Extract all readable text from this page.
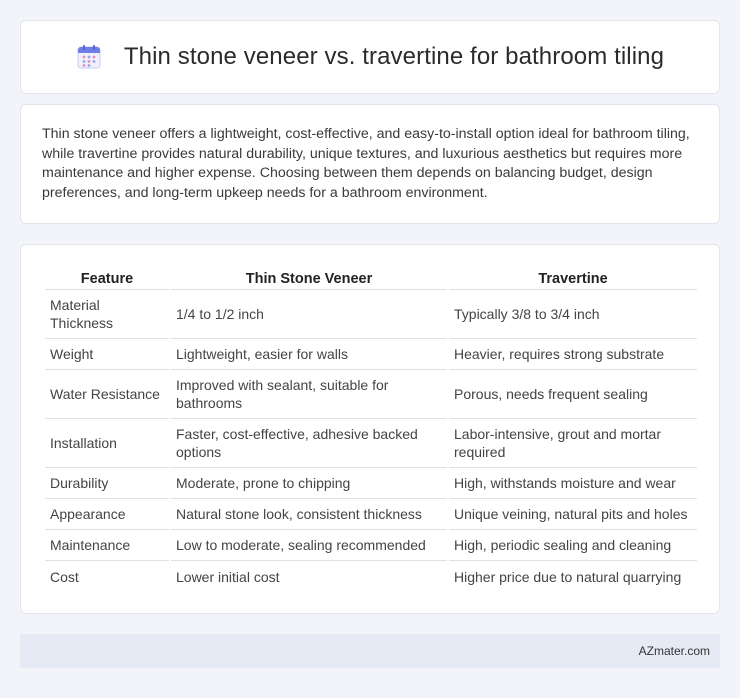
Thin stone veneer vs. travertine for bathroom tiling

Thin stone veneer offers a lightweight, cost-effective, and easy-to-install option ideal for bathroom tiling, while travertine provides natural durability, unique textures, and luxurious aesthetics but requires more maintenance and higher expense. Choosing between them depends on balancing budget, design preferences, and long-term upkeep needs for a bathroom environment.

Feature	Thin Stone Veneer	Travertine
Material Thickness	1/4 to 1/2 inch	Typically 3/8 to 3/4 inch
Weight	Lightweight, easier for walls	Heavier, requires strong substrate
Water Resistance	Improved with sealant, suitable for bathrooms	Porous, needs frequent sealing
Installation	Faster, cost-effective, adhesive backed options	Labor-intensive, grout and mortar required
Durability	Moderate, prone to chipping	High, withstands moisture and wear
Appearance	Natural stone look, consistent thickness	Unique veining, natural pits and holes
Maintenance	Low to moderate, sealing recommended	High, periodic sealing and cleaning
Cost	Lower initial cost	Higher price due to natural quarrying
AZmater.com
